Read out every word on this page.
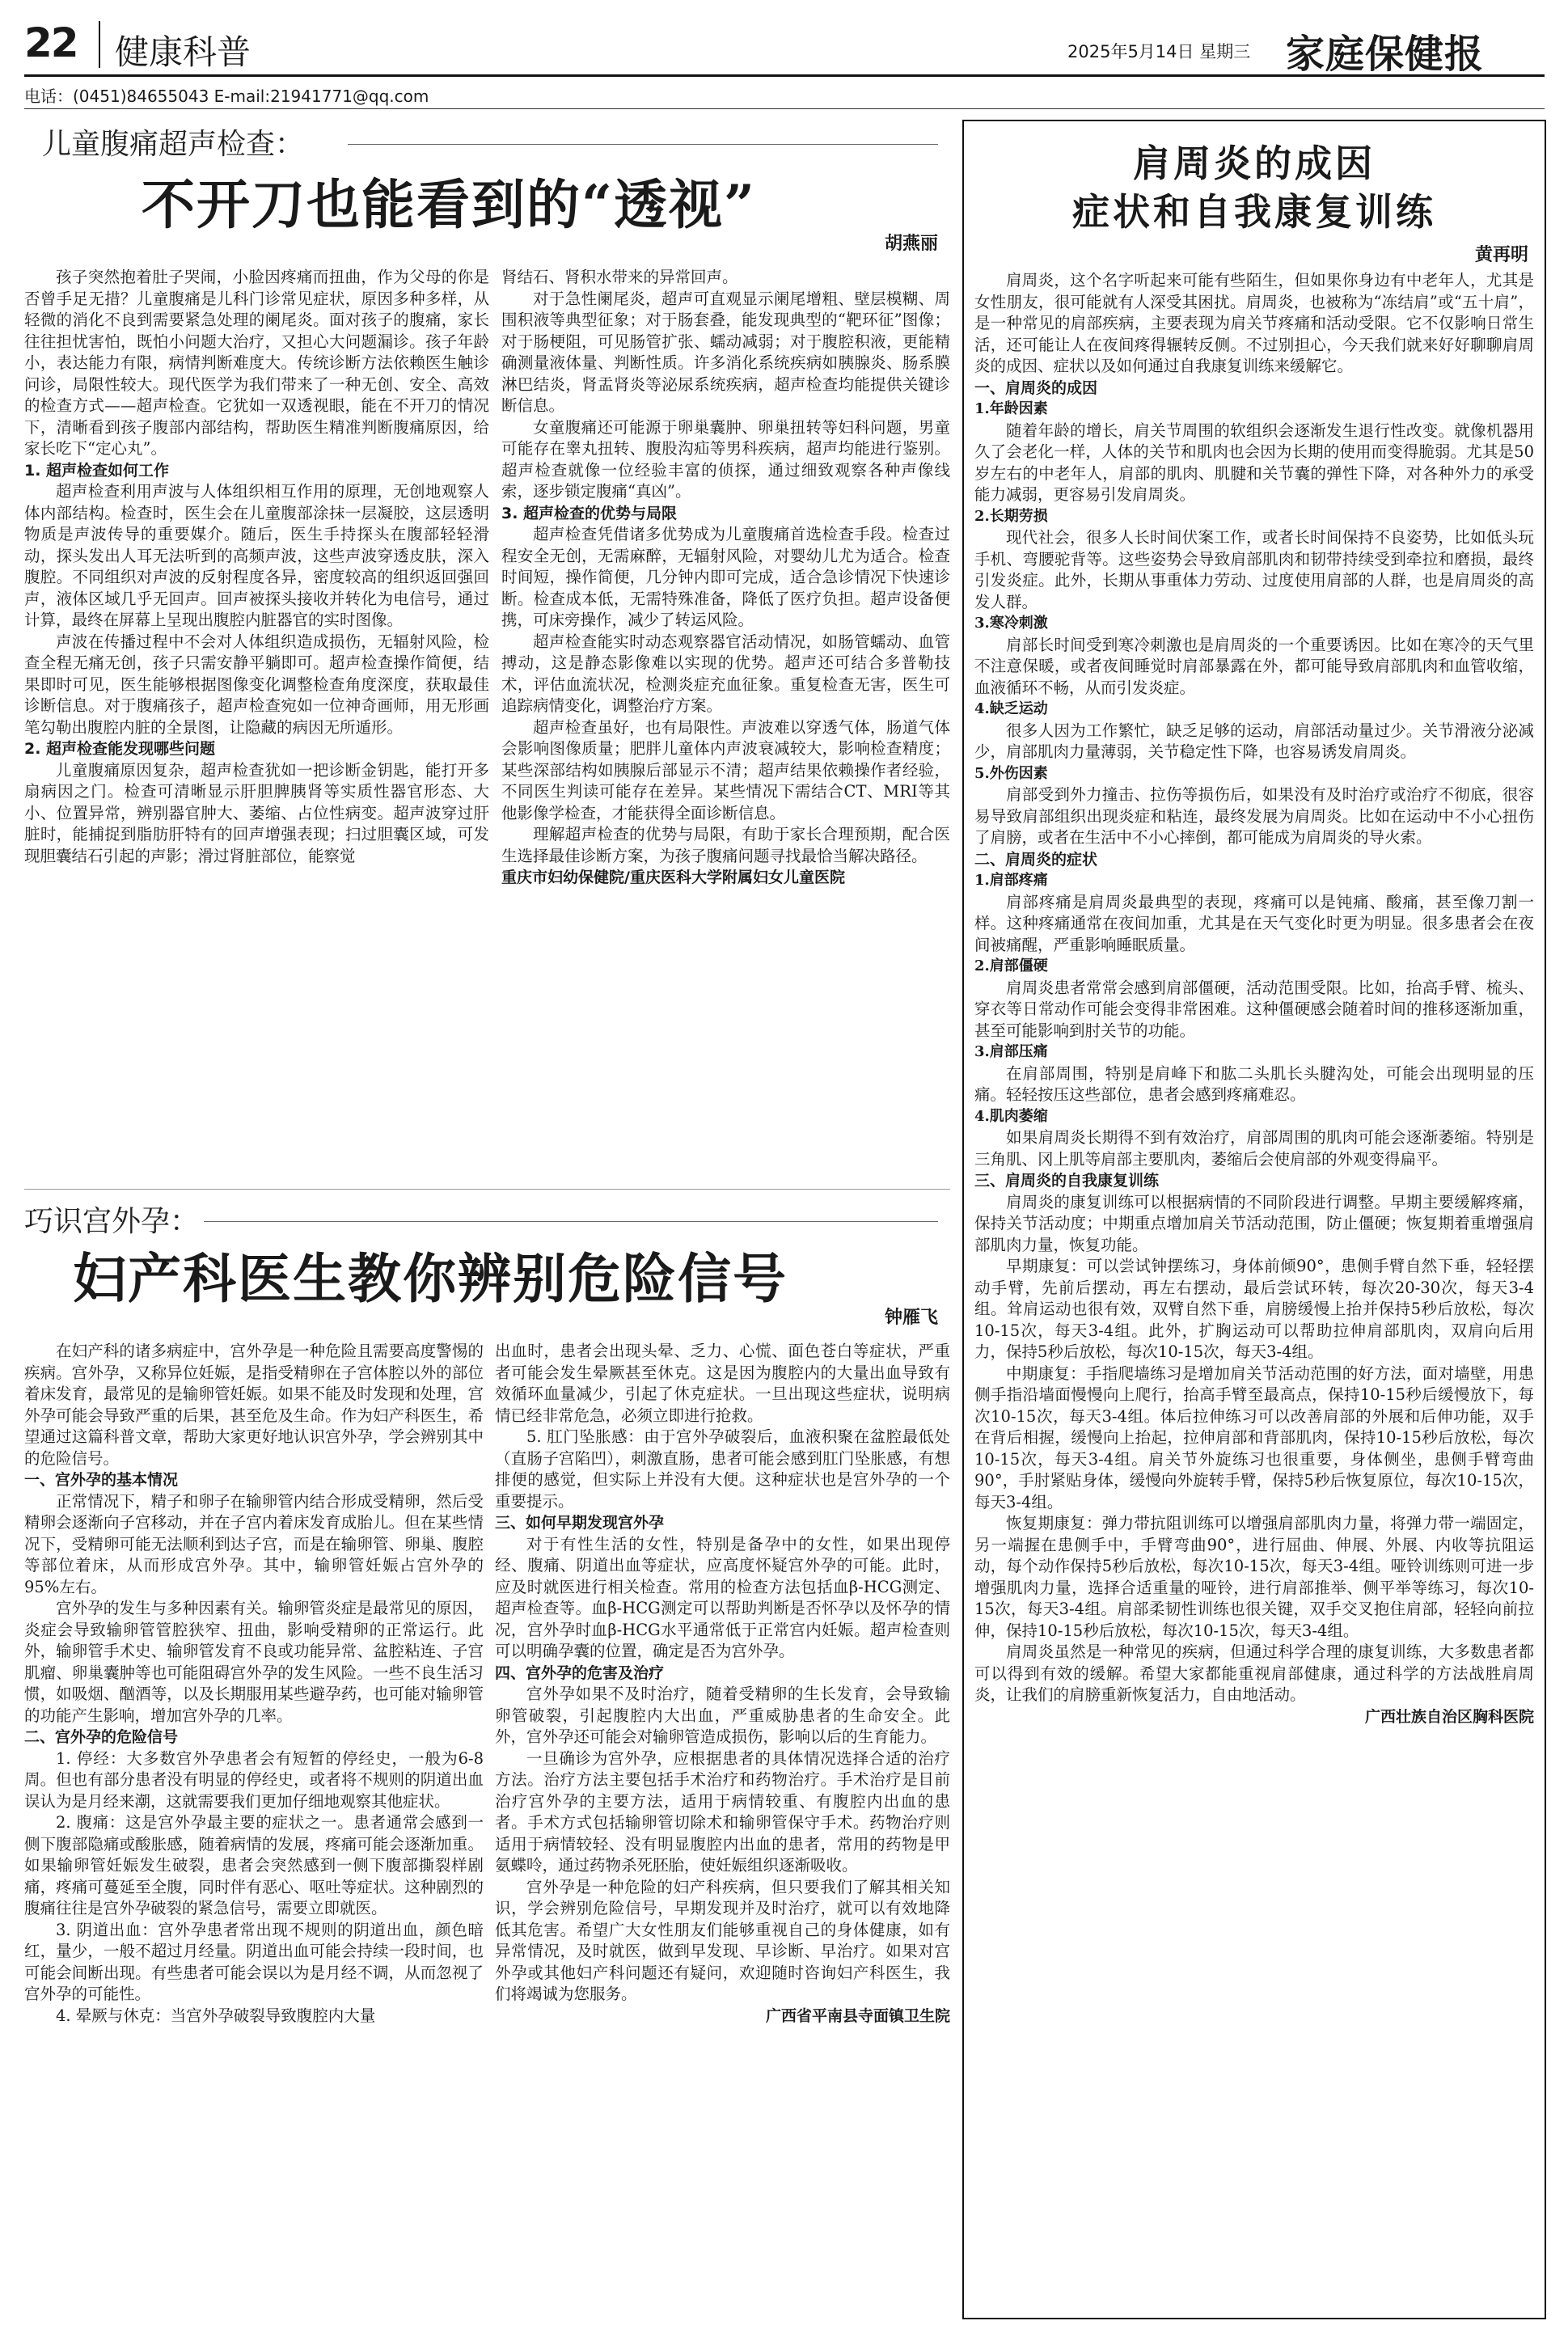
22 健康科普	2025年5月14日 星期三 家庭保健报
电话：(0451)84655043 E-mail:21941771@qq.com
儿童腹痛超声检查：
不开刀也能看到的“透视”
胡燕丽

孩子突然抱着肚子哭闹，小脸因疼痛而扭曲，作为父母的你是否曾手足无措？儿童腹痛是儿科门诊常见症状，原因多种多样，从轻微的消化不良到需要紧急处理的阑尾炎。面对孩子的腹痛，家长往往担忧害怕，既怕小问题大治疗，又担心大问题漏诊。孩子年龄小，表达能力有限，病情判断难度大。传统诊断方法依赖医生触诊问诊，局限性较大。现代医学为我们带来了一种无创、安全、高效的检查方式——超声检查。它犹如一双透视眼，能在不开刀的情况下，清晰看到孩子腹部内部结构，帮助医生精准判断腹痛原因，给家长吃下“定心丸”。

1. 超声检查如何工作

超声检查利用声波与人体组织相互作用的原理，无创地观察人体内部结构。检查时，医生会在儿童腹部涂抹一层凝胶，这层透明物质是声波传导的重要媒介。随后，医生手持探头在腹部轻轻滑动，探头发出人耳无法听到的高频声波，这些声波穿透皮肤，深入腹腔。不同组织对声波的反射程度各异，密度较高的组织返回强回声，液体区域几乎无回声。回声被探头接收并转化为电信号，通过计算，最终在屏幕上呈现出腹腔内脏器官的实时图像。

声波在传播过程中不会对人体组织造成损伤，无辐射风险，检查全程无痛无创，孩子只需安静平躺即可。超声检查操作简便，结果即时可见，医生能够根据图像变化调整检查角度深度，获取最佳诊断信息。对于腹痛孩子，超声检查宛如一位神奇画师，用无形画笔勾勒出腹腔内脏的全景图，让隐藏的病因无所遁形。

2. 超声检查能发现哪些问题

儿童腹痛原因复杂，超声检查犹如一把诊断金钥匙，能打开多扇病因之门。检查可清晰显示肝胆脾胰肾等实质性器官形态、大小、位置异常，辨别器官肿大、萎缩、占位性病变。超声波穿过肝脏时，能捕捉到脂肪肝特有的回声增强表现；扫过胆囊区域，可发现胆囊结石引起的声影；滑过肾脏部位，能察觉

肾结石、肾积水带来的异常回声。

对于急性阑尾炎，超声可直观显示阑尾增粗、壁层模糊、周围积液等典型征象；对于肠套叠，能发现典型的“靶环征”图像；对于肠梗阻，可见肠管扩张、蠕动减弱；对于腹腔积液，更能精确测量液体量、判断性质。许多消化系统疾病如胰腺炎、肠系膜淋巴结炎，肾盂肾炎等泌尿系统疾病，超声检查均能提供关键诊断信息。

女童腹痛还可能源于卵巢囊肿、卵巢扭转等妇科问题，男童可能存在睾丸扭转、腹股沟疝等男科疾病，超声均能进行鉴别。超声检查就像一位经验丰富的侦探，通过细致观察各种声像线索，逐步锁定腹痛“真凶”。

3. 超声检查的优势与局限

超声检查凭借诸多优势成为儿童腹痛首选检查手段。检查过程安全无创，无需麻醉，无辐射风险，对婴幼儿尤为适合。检查时间短，操作简便，几分钟内即可完成，适合急诊情况下快速诊断。检查成本低，无需特殊准备，降低了医疗负担。超声设备便携，可床旁操作，减少了转运风险。

超声检查能实时动态观察器官活动情况，如肠管蠕动、血管搏动，这是静态影像难以实现的优势。超声还可结合多普勒技术，评估血流状况，检测炎症充血征象。重复检查无害，医生可追踪病情变化，调整治疗方案。

超声检查虽好，也有局限性。声波难以穿透气体，肠道气体会影响图像质量；肥胖儿童体内声波衰减较大，影响检查精度；某些深部结构如胰腺后部显示不清；超声结果依赖操作者经验，不同医生判读可能存在差异。某些情况下需结合CT、MRI等其他影像学检查，才能获得全面诊断信息。

理解超声检查的优势与局限，有助于家长合理预期，配合医生选择最佳诊断方案，为孩子腹痛问题寻找最恰当解决路径。

重庆市妇幼保健院/重庆医科大学附属妇女儿童医院

巧识宫外孕：
妇产科医生教你辨别危险信号
钟雁飞

在妇产科的诸多病症中，宫外孕是一种危险且需要高度警惕的疾病。宫外孕，又称异位妊娠，是指受精卵在子宫体腔以外的部位着床发育，最常见的是输卵管妊娠。如果不能及时发现和处理，宫外孕可能会导致严重的后果，甚至危及生命。作为妇产科医生，希望通过这篇科普文章，帮助大家更好地认识宫外孕，学会辨别其中的危险信号。

一、宫外孕的基本情况

正常情况下，精子和卵子在输卵管内结合形成受精卵，然后受精卵会逐渐向子宫移动，并在子宫内着床发育成胎儿。但在某些情况下，受精卵可能无法顺利到达子宫，而是在输卵管、卵巢、腹腔等部位着床，从而形成宫外孕。其中，输卵管妊娠占宫外孕的95%左右。

宫外孕的发生与多种因素有关。输卵管炎症是最常见的原因，炎症会导致输卵管管腔狭窄、扭曲，影响受精卵的正常运行。此外，输卵管手术史、输卵管发育不良或功能异常、盆腔粘连、子宫肌瘤、卵巢囊肿等也可能阻碍宫外孕的发生风险。一些不良生活习惯，如吸烟、酗酒等，以及长期服用某些避孕药，也可能对输卵管的功能产生影响，增加宫外孕的几率。

二、宫外孕的危险信号

1. 停经：大多数宫外孕患者会有短暂的停经史，一般为6-8周。但也有部分患者没有明显的停经史，或者将不规则的阴道出血误认为是月经来潮，这就需要我们更加仔细地观察其他症状。

2. 腹痛：这是宫外孕最主要的症状之一。患者通常会感到一侧下腹部隐痛或酸胀感，随着病情的发展，疼痛可能会逐渐加重。如果输卵管妊娠发生破裂，患者会突然感到一侧下腹部撕裂样剧痛，疼痛可蔓延至全腹，同时伴有恶心、呕吐等症状。这种剧烈的腹痛往往是宫外孕破裂的紧急信号，需要立即就医。

3. 阴道出血：宫外孕患者常出现不规则的阴道出血，颜色暗红，量少，一般不超过月经量。阴道出血可能会持续一段时间，也可能会间断出现。有些患者可能会误以为是月经不调，从而忽视了宫外孕的可能性。

4. 晕厥与休克：当宫外孕破裂导致腹腔内大量

出血时，患者会出现头晕、乏力、心慌、面色苍白等症状，严重者可能会发生晕厥甚至休克。这是因为腹腔内的大量出血导致有效循环血量减少，引起了休克症状。一旦出现这些症状，说明病情已经非常危急，必须立即进行抢救。

5. 肛门坠胀感：由于宫外孕破裂后，血液积聚在盆腔最低处（直肠子宫陷凹），刺激直肠，患者可能会感到肛门坠胀感，有想排便的感觉，但实际上并没有大便。这种症状也是宫外孕的一个重要提示。

三、如何早期发现宫外孕

对于有性生活的女性，特别是备孕中的女性，如果出现停经、腹痛、阴道出血等症状，应高度怀疑宫外孕的可能。此时，应及时就医进行相关检查。常用的检查方法包括血β-HCG测定、超声检查等。血β-HCG测定可以帮助判断是否怀孕以及怀孕的情况，宫外孕时血β-HCG水平通常低于正常宫内妊娠。超声检查则可以明确孕囊的位置，确定是否为宫外孕。

四、宫外孕的危害及治疗

宫外孕如果不及时治疗，随着受精卵的生长发育，会导致输卵管破裂，引起腹腔内大出血，严重威胁患者的生命安全。此外，宫外孕还可能会对输卵管造成损伤，影响以后的生育能力。

一旦确诊为宫外孕，应根据患者的具体情况选择合适的治疗方法。治疗方法主要包括手术治疗和药物治疗。手术治疗是目前治疗宫外孕的主要方法，适用于病情较重、有腹腔内出血的患者。手术方式包括输卵管切除术和输卵管保守手术。药物治疗则适用于病情较轻、没有明显腹腔内出血的患者，常用的药物是甲氨蝶呤，通过药物杀死胚胎，使妊娠组织逐渐吸收。

宫外孕是一种危险的妇产科疾病，但只要我们了解其相关知识，学会辨别危险信号，早期发现并及时治疗，就可以有效地降低其危害。希望广大女性朋友们能够重视自己的身体健康，如有异常情况，及时就医，做到早发现、早诊断、早治疗。如果对宫外孕或其他妇产科问题还有疑问，欢迎随时咨询妇产科医生，我们将竭诚为您服务。

广西省平南县寺面镇卫生院

肩周炎的成因
症状和自我康复训练
黄再明

肩周炎，这个名字听起来可能有些陌生，但如果你身边有中老年人，尤其是女性朋友，很可能就有人深受其困扰。肩周炎，也被称为“冻结肩”或“五十肩”，是一种常见的肩部疾病，主要表现为肩关节疼痛和活动受限。它不仅影响日常生活，还可能让人在夜间疼得辗转反侧。不过别担心，今天我们就来好好聊聊肩周炎的成因、症状以及如何通过自我康复训练来缓解它。

一、肩周炎的成因

1.年龄因素

随着年龄的增长，肩关节周围的软组织会逐渐发生退行性改变。就像机器用久了会老化一样，人体的关节和肌肉也会因为长期的使用而变得脆弱。尤其是50岁左右的中老年人，肩部的肌肉、肌腱和关节囊的弹性下降，对各种外力的承受能力减弱，更容易引发肩周炎。

2.长期劳损

现代社会，很多人长时间伏案工作，或者长时间保持不良姿势，比如低头玩手机、弯腰驼背等。这些姿势会导致肩部肌肉和韧带持续受到牵拉和磨损，最终引发炎症。此外，长期从事重体力劳动、过度使用肩部的人群，也是肩周炎的高发人群。

3.寒冷刺激

肩部长时间受到寒冷刺激也是肩周炎的一个重要诱因。比如在寒冷的天气里不注意保暖，或者夜间睡觉时肩部暴露在外，都可能导致肩部肌肉和血管收缩，血液循环不畅，从而引发炎症。

4.缺乏运动

很多人因为工作繁忙，缺乏足够的运动，肩部活动量过少。关节滑液分泌减少，肩部肌肉力量薄弱，关节稳定性下降，也容易诱发肩周炎。

5.外伤因素

肩部受到外力撞击、拉伤等损伤后，如果没有及时治疗或治疗不彻底，很容易导致肩部组织出现炎症和粘连，最终发展为肩周炎。比如在运动中不小心扭伤了肩膀，或者在生活中不小心摔倒，都可能成为肩周炎的导火索。

二、肩周炎的症状

1.肩部疼痛

肩部疼痛是肩周炎最典型的表现，疼痛可以是钝痛、酸痛，甚至像刀割一样。这种疼痛通常在夜间加重，尤其是在天气变化时更为明显。很多患者会在夜间被痛醒，严重影响睡眠质量。

2.肩部僵硬

肩周炎患者常常会感到肩部僵硬，活动范围受限。比如，抬高手臂、梳头、穿衣等日常动作可能会变得非常困难。这种僵硬感会随着时间的推移逐渐加重，甚至可能影响到肘关节的功能。

3.肩部压痛

在肩部周围，特别是肩峰下和肱二头肌长头腱沟处，可能会出现明显的压痛。轻轻按压这些部位，患者会感到疼痛难忍。

4.肌肉萎缩

如果肩周炎长期得不到有效治疗，肩部周围的肌肉可能会逐渐萎缩。特别是三角肌、冈上肌等肩部主要肌肉，萎缩后会使肩部的外观变得扁平。

三、肩周炎的自我康复训练

肩周炎的康复训练可以根据病情的不同阶段进行调整。早期主要缓解疼痛，保持关节活动度；中期重点增加肩关节活动范围，防止僵硬；恢复期着重增强肩部肌肉力量，恢复功能。

早期康复：可以尝试钟摆练习，身体前倾90°，患侧手臂自然下垂，轻轻摆动手臂，先前后摆动，再左右摆动，最后尝试环转，每次20-30次，每天3-4组。耸肩运动也很有效，双臂自然下垂，肩膀缓慢上抬并保持5秒后放松，每次10-15次，每天3-4组。此外，扩胸运动可以帮助拉伸肩部肌肉，双肩向后用力，保持5秒后放松，每次10-15次，每天3-4组。

中期康复：手指爬墙练习是增加肩关节活动范围的好方法，面对墙壁，用患侧手指沿墙面慢慢向上爬行，抬高手臂至最高点，保持10-15秒后缓慢放下，每次10-15次，每天3-4组。体后拉伸练习可以改善肩部的外展和后伸功能，双手在背后相握，缓慢向上抬起，拉伸肩部和背部肌肉，保持10-15秒后放松，每次10-15次，每天3-4组。肩关节外旋练习也很重要，身体侧坐，患侧手臂弯曲90°，手肘紧贴身体，缓慢向外旋转手臂，保持5秒后恢复原位，每次10-15次，每天3-4组。

恢复期康复：弹力带抗阻训练可以增强肩部肌肉力量，将弹力带一端固定，另一端握在患侧手中，手臂弯曲90°，进行屈曲、伸展、外展、内收等抗阻运动，每个动作保持5秒后放松，每次10-15次，每天3-4组。哑铃训练则可进一步增强肌肉力量，选择合适重量的哑铃，进行肩部推举、侧平举等练习，每次10-15次，每天3-4组。肩部柔韧性训练也很关键，双手交叉抱住肩部，轻轻向前拉伸，保持10-15秒后放松，每次10-15次，每天3-4组。

肩周炎虽然是一种常见的疾病，但通过科学合理的康复训练，大多数患者都可以得到有效的缓解。希望大家都能重视肩部健康，通过科学的方法战胜肩周炎，让我们的肩膀重新恢复活力，自由地活动。

广西壮族自治区胸科医院
